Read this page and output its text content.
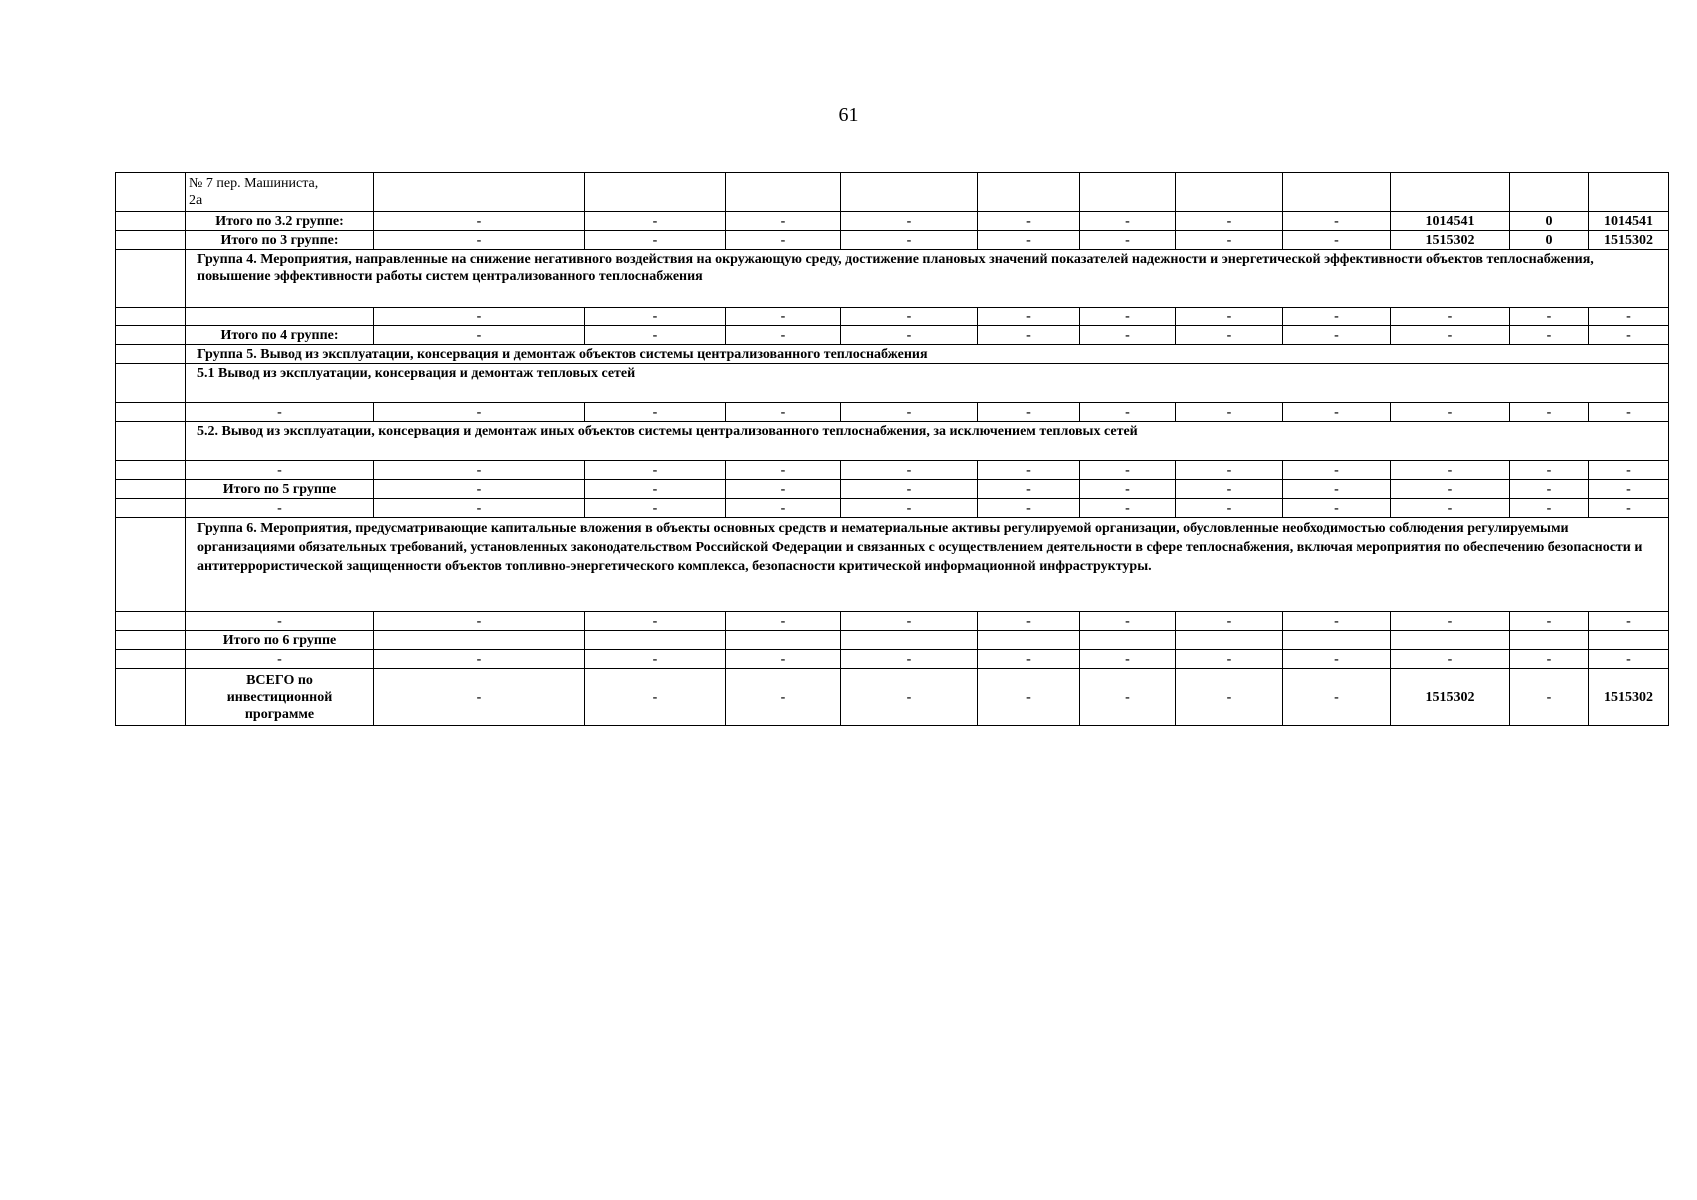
61

	№ 7 пер. Машиниста,
2а											

	Итого по 3.2 группе:	-	-	-	-	-	-	-	-	1014541	0	1014541
	Итого по 3 группе:	-	-	-	-	-	-	-	-	1515302	0	1515302
	Группа 4. Мероприятия, направленные на снижение негативного воздействия на окружающую среду, достижение плановых значений показателей надежности и энергетической эффективности объектов теплоснабжения, повышение эффективности работы систем централизованного теплоснабжения											
		-	-	-	-	-	-	-	-	-	-	-
	Итого по 4 группе:	-	-	-	-	-	-	-	-	-	-	-
	Группа 5. Вывод из эксплуатации, консервация и демонтаж объектов системы централизованного теплоснабжения											
	5.1 Вывод из эксплуатации, консервация и демонтаж тепловых сетей											
	-	-	-	-	-	-	-	-	-	-	-	-
	5.2. Вывод из эксплуатации, консервация и демонтаж иных объектов системы централизованного теплоснабжения, за исключением тепловых сетей											
	-	-	-	-	-	-	-	-	-	-	-	-
	Итого по 5 группе	-	-	-	-	-	-	-	-	-	-	-
	-	-	-	-	-	-	-	-	-	-	-	-
	Группа 6. Мероприятия, предусматривающие капитальные вложения в объекты основных средств и нематериальные активы регулируемой организации, обусловленные необходимостью соблюдения регулируемыми организациями обязательных требований, установленных законодательством Российской Федерации и связанных с осуществлением деятельности в сфере теплоснабжения, включая мероприятия по обеспечению безопасности и антитеррористической защищенности объектов топливно-энергетического комплекса, безопасности критической информационной инфраструктуры.											
	-	-	-	-	-	-	-	-	-	-	-	-
	Итого по 6 группе											
	-	-	-	-	-	-	-	-	-	-	-	-

	ВСЕГО по
инвестиционной
программе	-	-	-	-	-	-	-	-	1515302	-	1515302
